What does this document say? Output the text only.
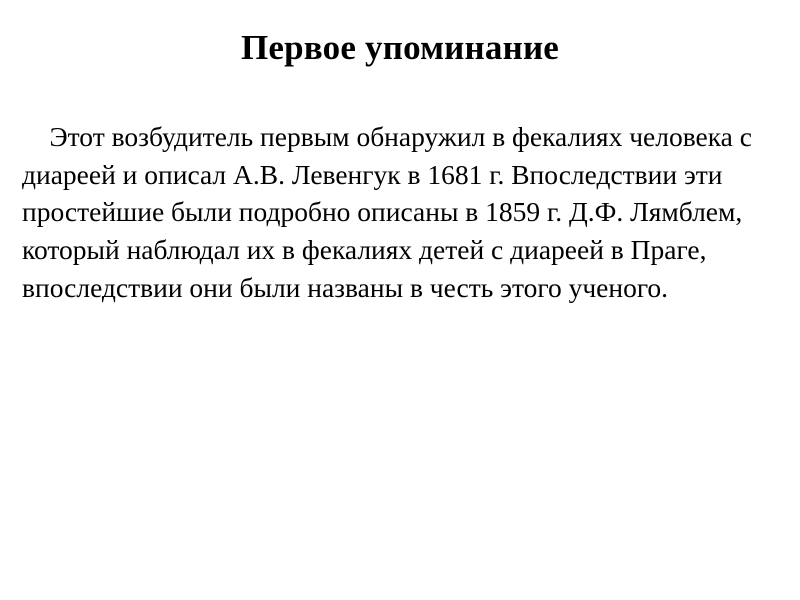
Первое упоминание
Этот возбудитель первым обнаружил в фекалиях человека с диареей и описал А.В. Левенгук в 1681 г. Впоследствии эти простейшие были подробно описаны в 1859 г. Д.Ф. Лямблем, который наблюдал их в фекалиях детей с диареей в Праге, впоследствии они были названы в честь этого ученого.
